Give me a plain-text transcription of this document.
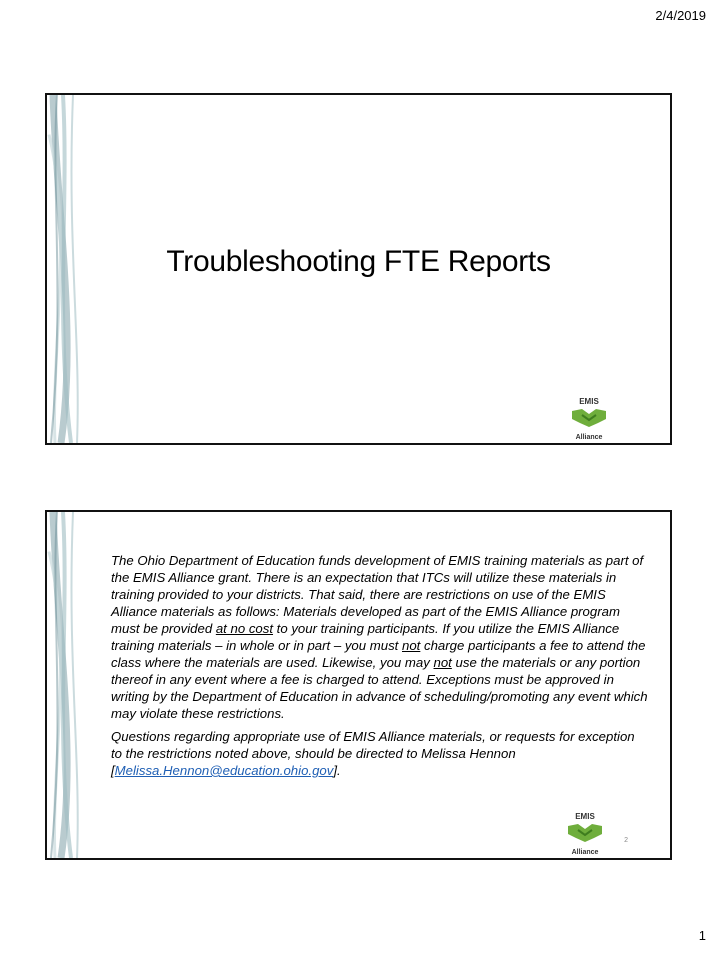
2/4/2019
Troubleshooting FTE Reports
EMIS
Alliance

The Ohio Department of Education funds development of EMIS training materials as part of the EMIS Alliance grant. There is an expectation that ITCs will utilize these materials in training provided to your districts. That said, there are restrictions on use of the EMIS Alliance materials as follows: Materials developed as part of the EMIS Alliance program must be provided at no cost to your training participants. If you utilize the EMIS Alliance training materials – in whole or in part – you must not charge participants a fee to attend the class where the materials are used. Likewise, you may not use the materials or any portion thereof in any event where a fee is charged to attend. Exceptions must be approved in writing by the Department of Education in advance of scheduling/promoting any event which may violate these restrictions.

Questions regarding appropriate use of EMIS Alliance materials, or requests for exception to the restrictions noted above, should be directed to Melissa Hennon [Melissa.Hennon@education.ohio.gov].

2
EMIS
Alliance
1
